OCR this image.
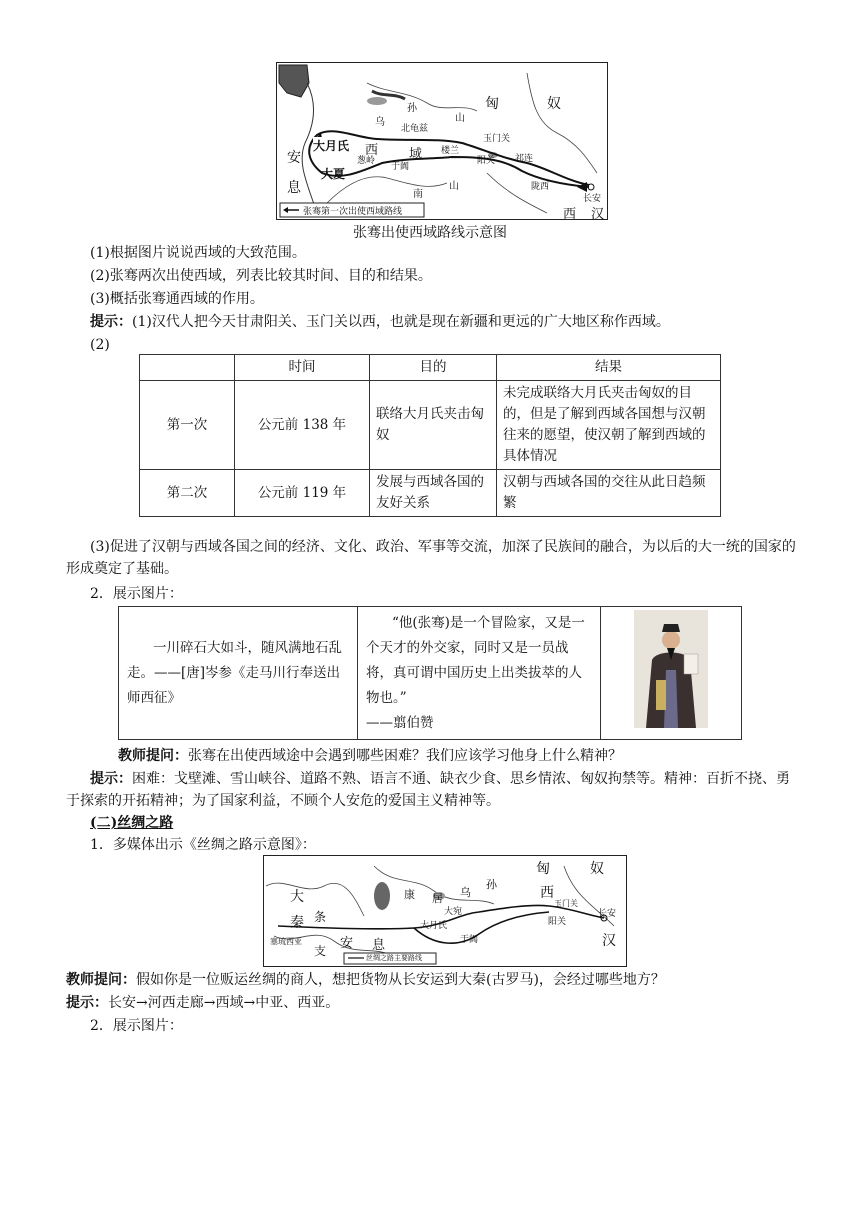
匈	奴
乌
孙
山
北龟兹
安
息
大月氏 西 域
大夏
玉门关
楼兰
阳关
于阗
葱岭
南
山
祁连
陇西
长安
西 汉
张骞第一次出使西域路线
张骞出使西域路线示意图
(1)根据图片说说西域的大致范围。
(2)张骞两次出使西域，列表比较其时间、目的和结果。
(3)概括张骞通西域的作用。
提示：(1)汉代人把今天甘肃阳关、玉门关以西，也就是现在新疆和更远的广大地区称作西域。
(2)
	时间	目的	结果
第一次	公元前 138 年	联络大月氏夹击匈奴	未完成联络大月氏夹击匈奴的目的，但是了解到西域各国想与汉朝往来的愿望，使汉朝了解到西域的具体情况
第二次	公元前 119 年	发展与西域各国的友好关系	汉朝与西域各国的交往从此日趋频繁
(3)促进了汉朝与西域各国之间的经济、文化、政治、军事等交流，加深了民族间的融合，为以后的大一统的国家的形成奠定了基础。
2．展示图片：
一川碎石大如斗，随风满地石乱走。——[唐]岑参《走马川行奉送出师西征》	
“他(张骞)是一个冒险家，又是一个天才的外交家，同时又是一员战将，真可谓中国历史上出类拔萃的人物也。”
——翦伯赞

教师提问：张骞在出使西域途中会遇到哪些困难？我们应该学习他身上什么精神？
提示：困难：戈壁滩、雪山峡谷、道路不熟、语言不通、缺衣少食、思乡情浓、匈奴拘禁等。精神：百折不挠、勇于探索的开拓精神；为了国家利益，不顾个人安危的爱国主义精神等。
(二)丝绸之路
1．多媒体出示《丝绸之路示意图》：
匈	奴
大
秦 条
支
康 居 乌
孙
西
汉
安 息
大月氏
大宛
玉门关
阳关
于阗
长安
塞琉西亚
丝绸之路主要路线
教师提问：假如你是一位贩运丝绸的商人，想把货物从长安运到大秦(古罗马)，会经过哪些地方？
提示：长安→河西走廊→西域→中亚、西亚。
2．展示图片：
